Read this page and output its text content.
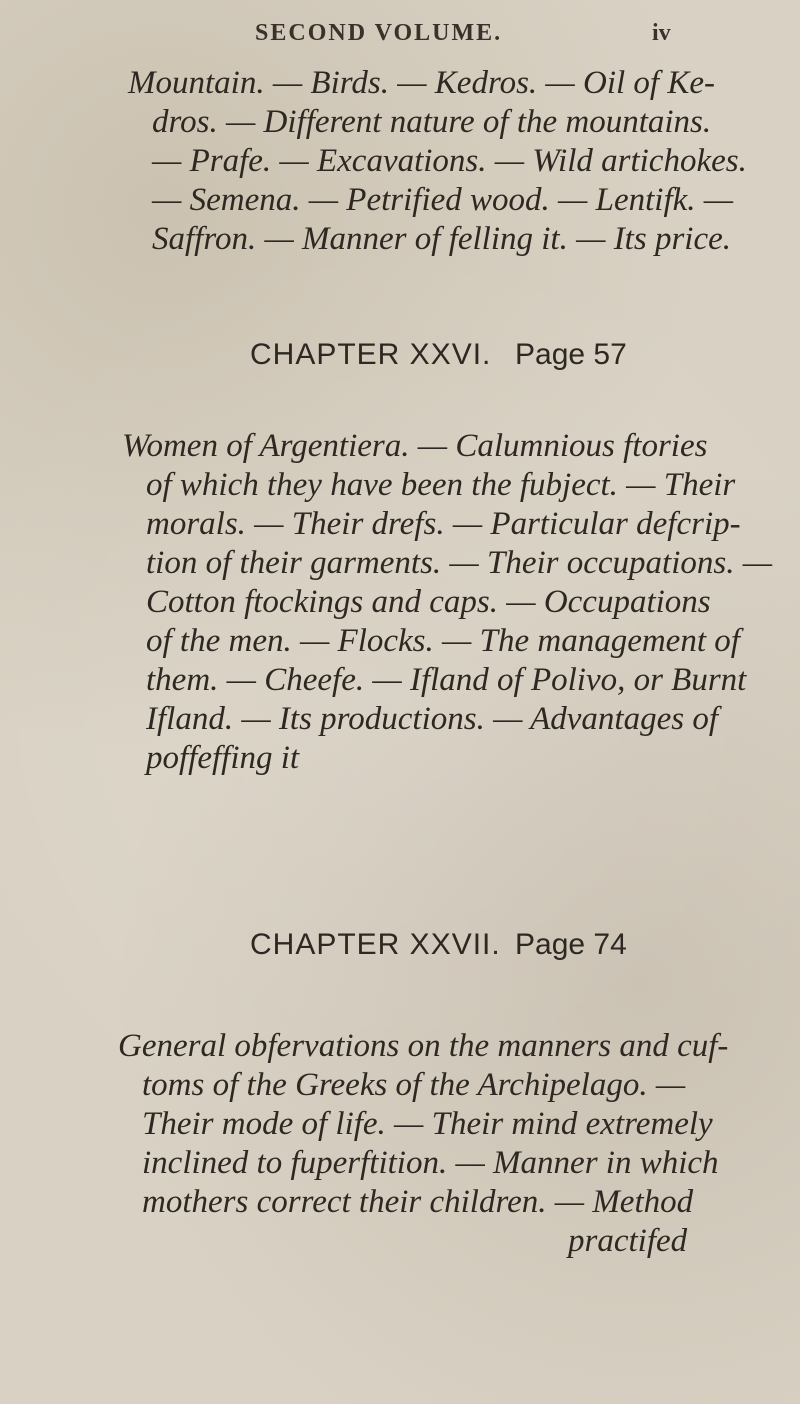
SECOND VOLUME.	iv

Mountain. — Birds. — Kedros. — Oil of Ke-

dros. — Different nature of the mountains.

— Prafe. — Excavations. — Wild artichokes.

— Semena. — Petrified wood. — Lentifk. —

Saffron. — Manner of felling it. — Its price.

CHAPTER XXVI. Page 57

Women of Argentiera. — Calumnious ftories

of which they have been the fubject. — Their

morals. — Their drefs. — Particular defcrip-

tion of their garments. — Their occupations. —

Cotton ftockings and caps. — Occupations

of the men. — Flocks. — The management of

them. — Cheefe. — Ifland of Polivo, or Burnt

Ifland. — Its productions. — Advantages of

poffeffing it

CHAPTER XXVII. Page 74

General obfervations on the manners and cuf-

toms of the Greeks of the Archipelago. —

Their mode of life. — Their mind extremely

inclined to fuperftition. — Manner in which

mothers correct their children. — Method

practifed
